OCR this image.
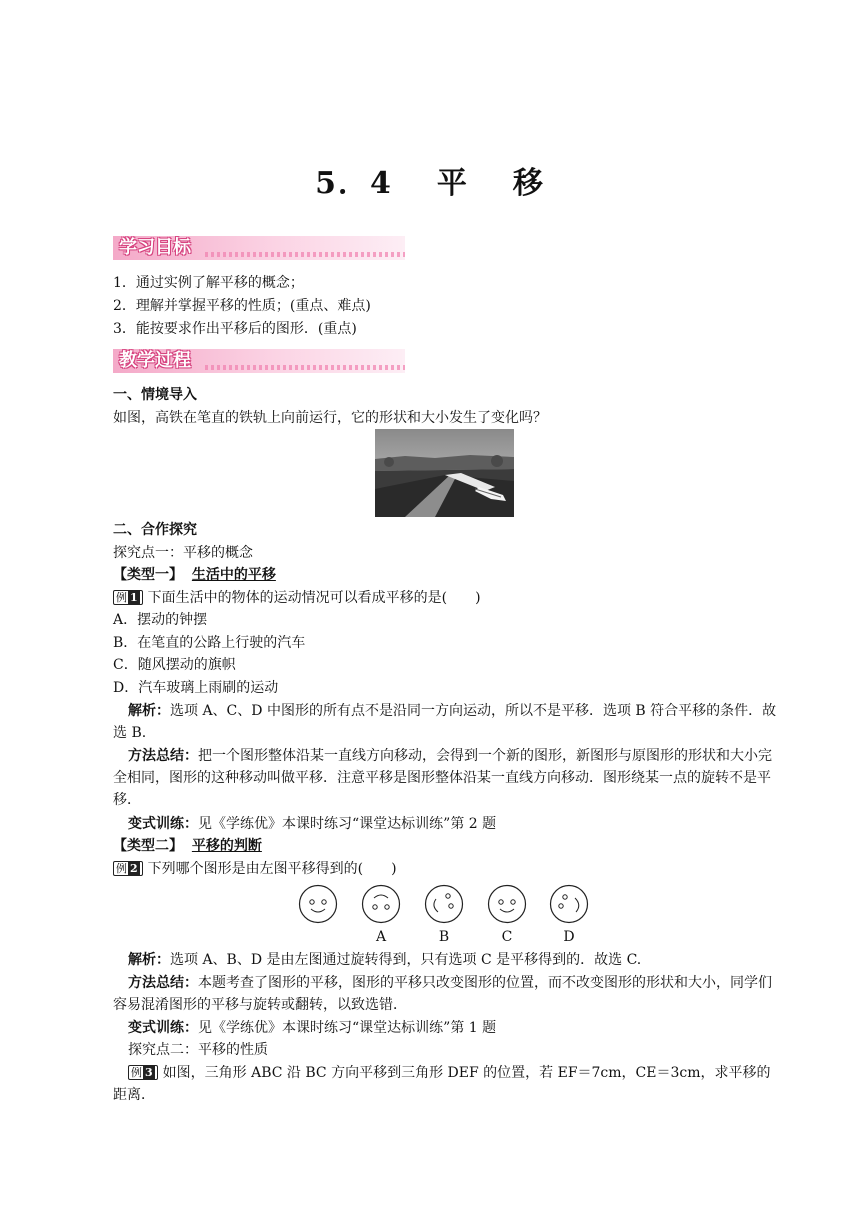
5．4 平 移
学习目标
1．通过实例了解平移的概念；
2．理解并掌握平移的性质；(重点、难点)
3．能按要求作出平移后的图形．(重点)
教学过程
一、情境导入
如图，高铁在笔直的铁轨上向前运行，它的形状和大小发生了变化吗？
二、合作探究
探究点一：平移的概念
【类型一】 生活中的平移
例 1 下面生活中的物体的运动情况可以看成平移的是(　　)
A．摆动的钟摆
B．在笔直的公路上行驶的汽车
C．随风摆动的旗帜
D．汽车玻璃上雨刷的运动
解析：选项 A、C、D 中图形的所有点不是沿同一方向运动，所以不是平移．选项 B 符合平移的条件．故选 B.
方法总结：把一个图形整体沿某一直线方向移动，会得到一个新的图形，新图形与原图形的形状和大小完全相同，图形的这种移动叫做平移．注意平移是图形整体沿某一直线方向移动．图形绕某一点的旋转不是平移．
变式训练：见《学练优》本课时练习“课堂达标训练”第 2 题
【类型二】 平移的判断
例 2 下列哪个图形是由左图平移得到的(　　)
A	B	C	D
解析：选项 A、B、D 是由左图通过旋转得到，只有选项 C 是平移得到的．故选 C.
方法总结：本题考查了图形的平移，图形的平移只改变图形的位置，而不改变图形的形状和大小，同学们容易混淆图形的平移与旋转或翻转，以致选错．
变式训练：见《学练优》本课时练习“课堂达标训练”第 1 题
探究点二：平移的性质
例 3 如图，三角形 ABC 沿 BC 方向平移到三角形 DEF 的位置，若 EF＝7cm，CE＝3cm，求平移的距离．
